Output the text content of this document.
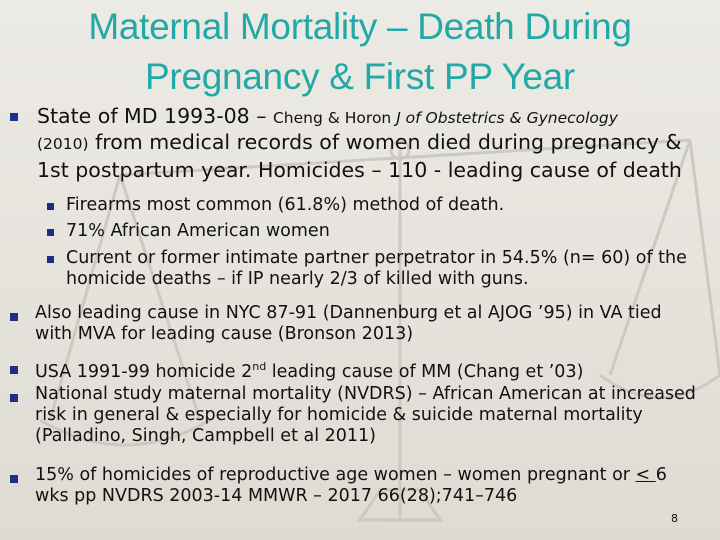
Maternal Mortality – Death During
Pregnancy & First PP Year
State of MD 1993-08 – Cheng & Horon J of Obstetrics & Gynecology
(2010) from medical records of women died during pregnancy &
1st postpartum year. Homicides – 110 - leading cause of death
Firearms most common (61.8%) method of death.
71% African American women
Current or former intimate partner perpetrator in 54.5% (n= 60) of the
homicide deaths – if IP nearly 2/3 of killed with guns.
Also leading cause in NYC 87-91 (Dannenburg et al AJOG ’95) in VA tied
with MVA for leading cause (Bronson 2013)
USA 1991-99 homicide 2nd leading cause of MM (Chang et ’03)
National study maternal mortality (NVDRS) – African American at increased
risk in general & especially for homicide & suicide maternal mortality
(Palladino, Singh, Campbell et al 2011)
15% of homicides of reproductive age women – women pregnant or < 6
wks pp NVDRS 2003-14 MMWR – 2017 66(28);741–746
8
